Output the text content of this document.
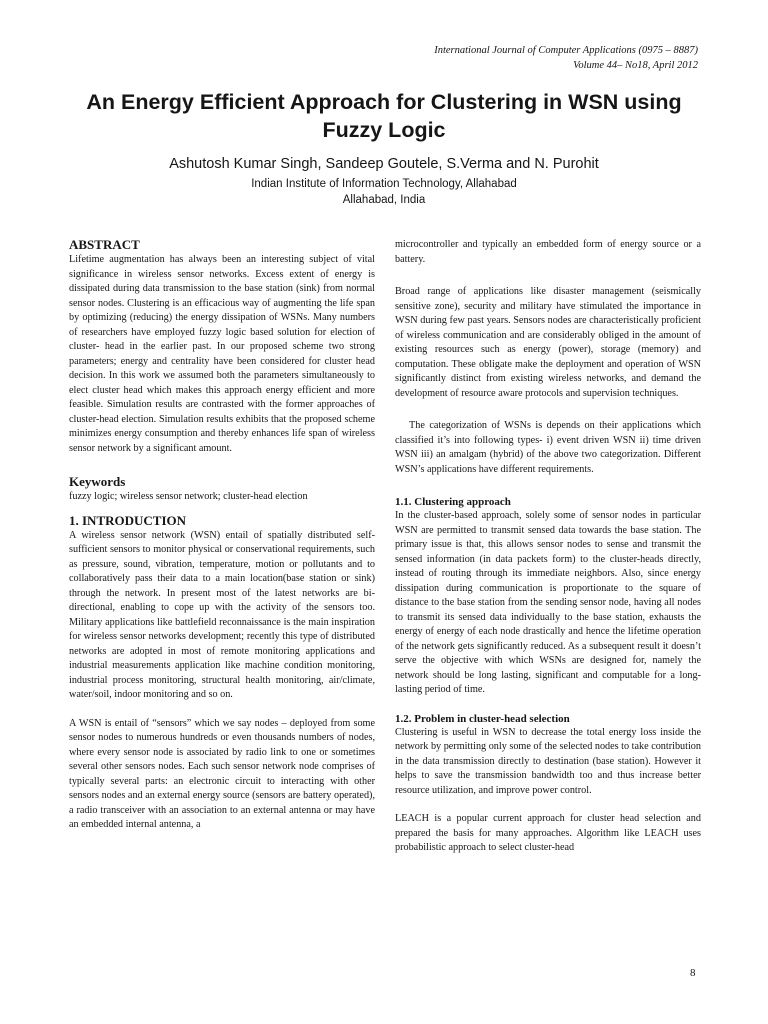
International Journal of Computer Applications (0975 – 8887)
Volume 44– No18, April 2012
An Energy Efficient Approach for Clustering in WSN using Fuzzy Logic
Ashutosh Kumar Singh, Sandeep Goutele, S.Verma and N. Purohit
Indian Institute of Information Technology, Allahabad
Allahabad, India
ABSTRACT

Lifetime augmentation has always been an interesting subject of vital significance in wireless sensor networks. Excess extent of energy is dissipated during data transmission to the base station (sink) from normal sensor nodes. Clustering is an efficacious way of augmenting the life span by optimizing (reducing) the energy dissipation of WSNs. Many numbers of researchers have employed fuzzy logic based solution for election of cluster- head in the earlier past. In our proposed scheme two strong parameters; energy and centrality have been considered for cluster head decision. In this work we assumed both the parameters simultaneously to elect cluster head which makes this approach energy efficient and more feasible. Simulation results are contrasted with the former approaches of cluster-head election. Simulation results exhibits that the proposed scheme minimizes energy consumption and thereby enhances life span of wireless sensor network by a significant amount.

Keywords

fuzzy logic; wireless sensor network; cluster-head election

1. INTRODUCTION

A wireless sensor network (WSN) entail of spatially distributed self-sufficient sensors to monitor physical or conservational requirements, such as pressure, sound, vibration, temperature, motion or pollutants and to collaboratively pass their data to a main location(base station or sink) through the network. In present most of the latest networks are bi-directional, enabling to cope up with the activity of the sensors too. Military applications like battlefield reconnaissance is the main inspiration for wireless sensor networks development; recently this type of distributed networks are adopted in most of remote monitoring applications and industrial measurements application like machine condition monitoring, industrial process monitoring, structural health monitoring, air/climate, water/soil, indoor monitoring and so on.

A WSN is entail of “sensors” which we say nodes – deployed from some sensor nodes to numerous hundreds or even thousands numbers of nodes, where every sensor node is associated by radio link to one or sometimes several other sensors nodes. Each such sensor network node comprises of typically several parts: an electronic circuit to interacting with other sensors nodes and an external energy source (sensors are battery operated), a radio transceiver with an association to an external antenna or may have an embedded internal antenna, a

microcontroller and typically an embedded form of energy source or a battery.

Broad range of applications like disaster management (seismically sensitive zone), security and military have stimulated the importance in WSN during few past years. Sensors nodes are characteristically proficient of wireless communication and are considerably obliged in the amount of existing resources such as energy (power), storage (memory) and computation. These obligate make the deployment and operation of WSN significantly distinct from existing wireless networks, and demand the development of resource aware protocols and supervision techniques.

The categorization of WSNs is depends on their applications which classified it’s into following types- i) event driven WSN ii) time driven WSN iii) an amalgam (hybrid) of the above two categorization. Different WSN’s applications have different requirements.

1.1. Clustering approach

In the cluster-based approach, solely some of sensor nodes in particular WSN are permitted to transmit sensed data towards the base station. The primary issue is that, this allows sensor nodes to sense and transmit the sensed information (in data packets form) to the cluster-heads directly, instead of routing through its immediate neighbors. Also, since energy dissipation during communication is proportionate to the square of distance to the base station from the sending sensor node, having all nodes to transmit its sensed data individually to the base station, exhausts the energy of energy of each node drastically and hence the lifetime operation of the network gets significantly reduced. As a subsequent result it doesn’t serve the objective with which WSNs are designed for, namely the network should be long lasting, significant and computable for a long-lasting period of time.

1.2. Problem in cluster-head selection

Clustering is useful in WSN to decrease the total energy loss inside the network by permitting only some of the selected nodes to take contribution in the data transmission directly to destination (base station). However it helps to save the transmission bandwidth too and thus increase better resource utilization, and improve power control.

LEACH is a popular current approach for cluster head selection and prepared the basis for many approaches. Algorithm like LEACH uses probabilistic approach to select cluster-head

8
